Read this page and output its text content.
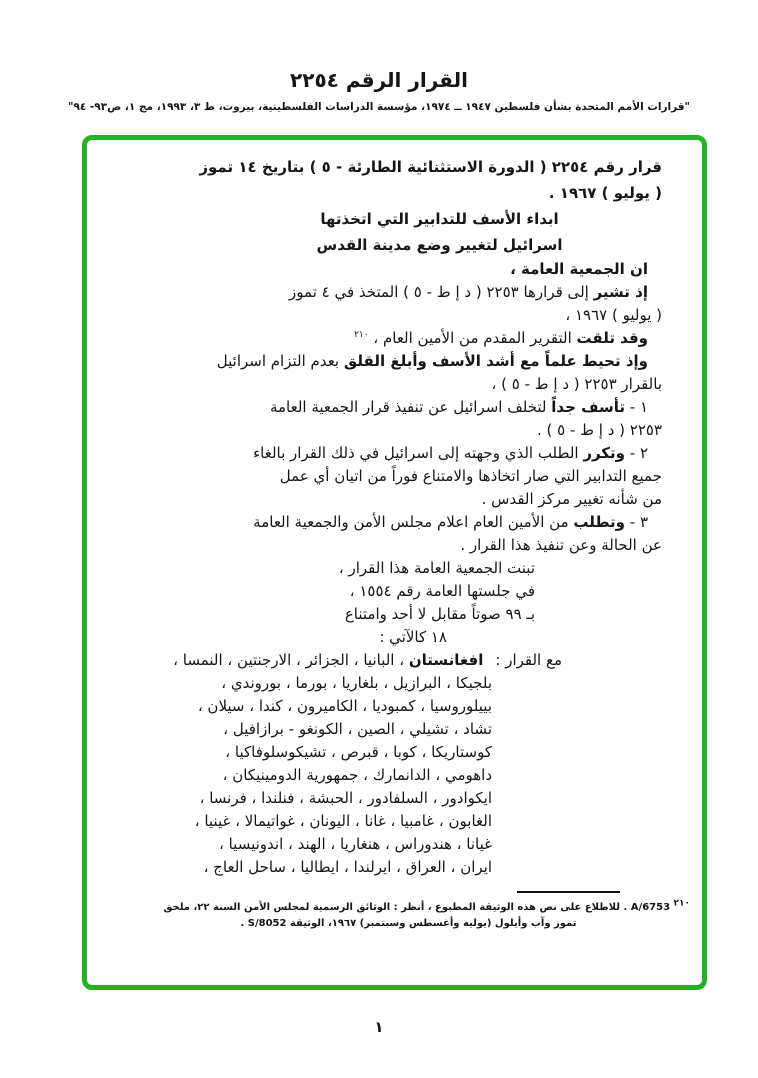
القرار الرقم ٢٢٥٤
"قرارات الأمم المتحدة بشأن فلسطين ١٩٤٧ ــ ١٩٧٤، مؤسسة الدراسات الفلسطينية، بيروت، ط ٣، ١٩٩٣، مج ١، ص٩٣- ٩٤"
قرار رقم ٢٢٥٤ ( الدورة الاستثنائية الطارئة - ٥ ) بتاريخ ١٤ تموز
( يوليو ) ١٩٦٧ .
ابداء الأسف للتدابير التي اتخذتها
اسرائيل لتغيير وضع مدينة القدس
ان الجمعية العامة ،
إذ تشير إلى قرارها ٢٢٥٣ ( د إ ط - ٥ ) المتخذ في ٤ تموز
( يوليو ) ١٩٦٧ ،
وقد تلقت التقرير المقدم من الأمين العام ، $^{٢١٠}$
وإذ تحيط علماً مع أشد الأسف وأبلغ القلق بعدم التزام اسرائيل
بالقرار ٢٢٥٣ ( د إ ط - ٥ ) ،
١ - تأسف جداً لتخلف اسرائيل عن تنفيذ قرار الجمعية العامة
٢٢٥٣ ( د إ ط - ٥ ) .
٢ - وتكرر الطلب الذي وجهته إلى اسرائيل في ذلك القرار بالغاء
جميع التدابير التي صار اتخاذها والامتناع فوراً من اتيان أي عمل
من شأنه تغيير مركز القدس .
٣ - وتطلب من الأمين العام اعلام مجلس الأمن والجمعية العامة
عن الحالة وعن تنفيذ هذا القرار .
تبنت الجمعية العامة هذا القرار ،
في جلستها العامة رقم ١٥٥٤ ،
بـ ٩٩ صوتاً مقابل لا أحد وامتناع
١٨ كالآتي :
مع القرار :افغانستان ، البانيا ، الجزائر ، الارجنتين ، النمسا ،
بلجيكا ، البرازيل ، بلغاريا ، بورما ، بوروندي ،
بييلوروسيا ، كمبوديا ، الكاميرون ، كندا ، سيلان ،
تشاد ، تشيلي ، الصين ، الكونغو - برازافيل ،
كوستاريكا ، كوبا ، قبرص ، تشيكوسلوفاكيا ،
داهومي ، الدانمارك ، جمهورية الدومينيكان ،
ايكوادور ، السلفادور ، الحبشة ، فنلندا ، فرنسا ،
الغابون ، غامبيا ، غانا ، اليونان ، غواتيمالا ، غينيا ،
غيانا ، هندوراس ، هنغاريا ، الهند ، اندونيسيا ،
ايران ، العراق ، ايرلندا ، ايطاليا ، ساحل العاج ،
$^{٢١٠}$ A/6753 . للاطلاع على نص هذه الوثيقة المطبوع ، أنظر : الوثائق الرسمية لمجلس الأمن السنة ٢٢، ملحق
تموز وآب وأيلول (يوليه وأغسطس وسبتمبر) ١٩٦٧، الوثيقة S/8052 .
١
